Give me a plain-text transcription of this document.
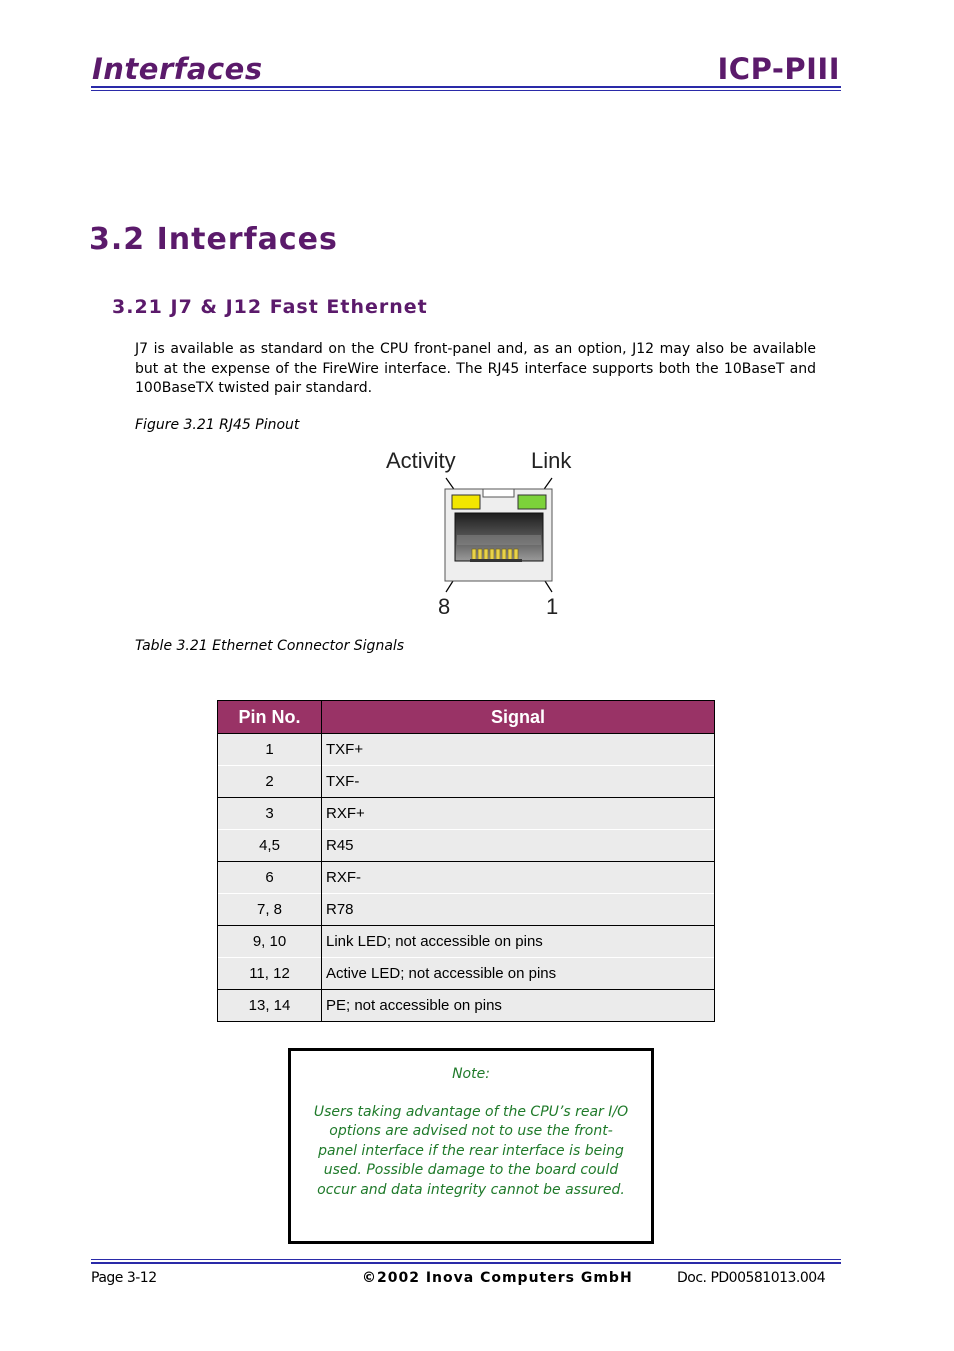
Interfaces	ICP-PIII
3.2 Interfaces
3.21 J7 & J12 Fast Ethernet

J7 is available as standard on the CPU front-panel and, as an option, J12 may also be available but at the expense of the FireWire interface. The RJ45 interface supports both the 10BaseT and 100BaseTX twisted pair standard.

Figure 3.21 RJ45 Pinout
Activity	Link
8	1
Table 3.21 Ethernet Connector Signals
Pin No.	Signal
1	TXF+
2	TXF-
3	RXF+
4,5	R45
6	RXF-
7, 8	R78
9, 10	Link LED; not accessible on pins
11, 12	Active LED; not accessible on pins
13, 14	PE; not accessible on pins
Note:
Users taking advantage of the CPU’s rear I/O options are advised not to use the front-panel interface if the rear interface is being used. Possible damage to the board could occur and data integrity cannot be assured.
Page 3-12	©2002 Inova Computers GmbH	Doc. PD00581013.004
